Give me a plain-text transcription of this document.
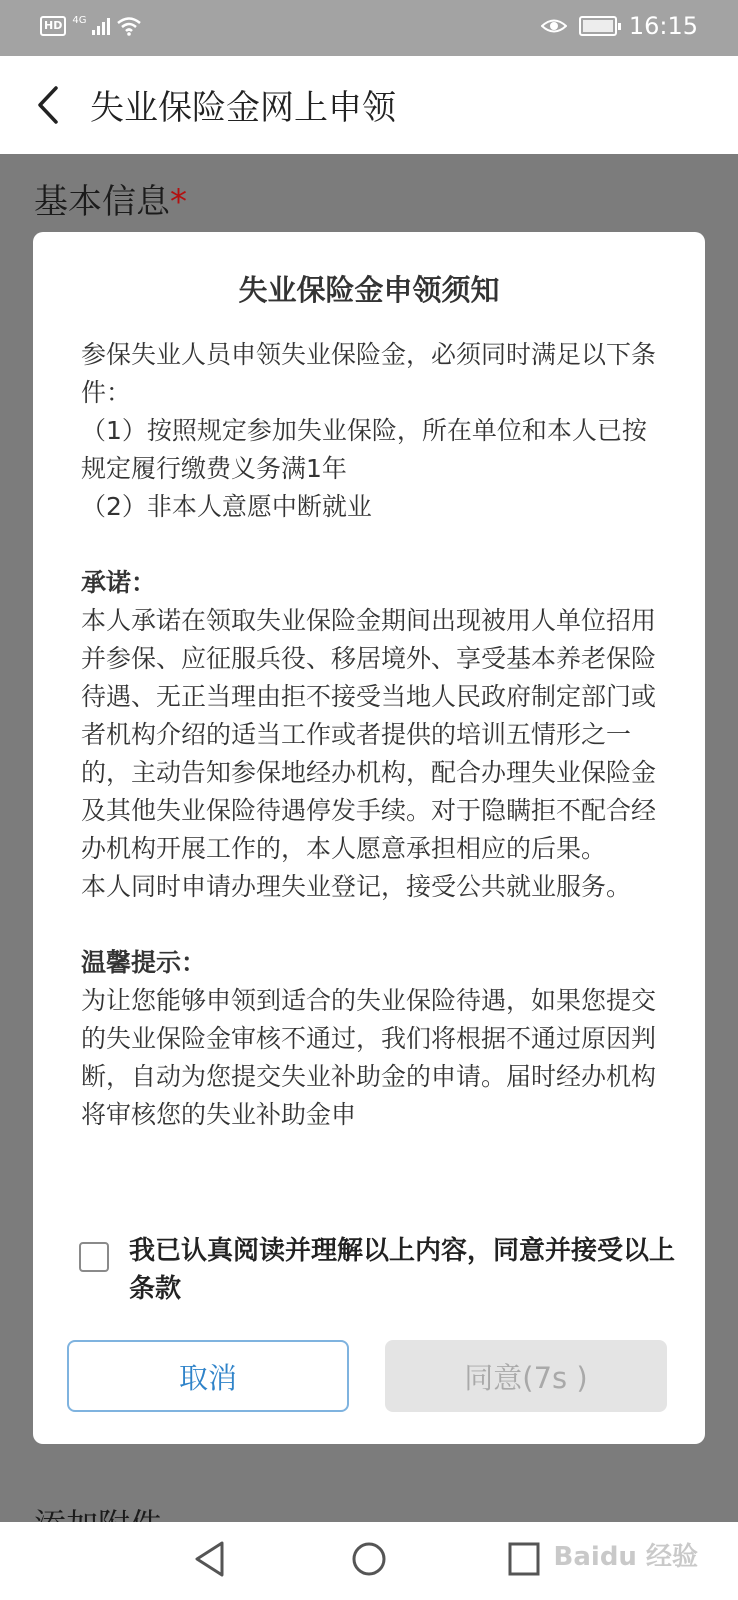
HD	4G	16:15
失业保险金网上申领
基本信息*
失业保险金申领须知

参保失业人员申领失业保险金，必须同时满足以下条件：

（1）按照规定参加失业保险，所在单位和本人已按规定履行缴费义务满1年

（2）非本人意愿中断就业

承诺：

本人承诺在领取失业保险金期间出现被用人单位招用并参保、应征服兵役、移居境外、享受基本养老保险待遇、无正当理由拒不接受当地人民政府制定部门或者机构介绍的适当工作或者提供的培训五情形之一的，主动告知参保地经办机构，配合办理失业保险金及其他失业保险待遇停发手续。对于隐瞒拒不配合经办机构开展工作的，本人愿意承担相应的后果。

本人同时申请办理失业登记，接受公共就业服务。

温馨提示：

为让您能够申领到适合的失业保险待遇，如果您提交的失业保险金审核不通过，我们将根据不通过原因判断，自动为您提交失业补助金的申请。届时经办机构将审核您的失业补助金申

我已认真阅读并理解以上内容，同意并接受以上条款
取消	同意(7s )
Baidu 经验
